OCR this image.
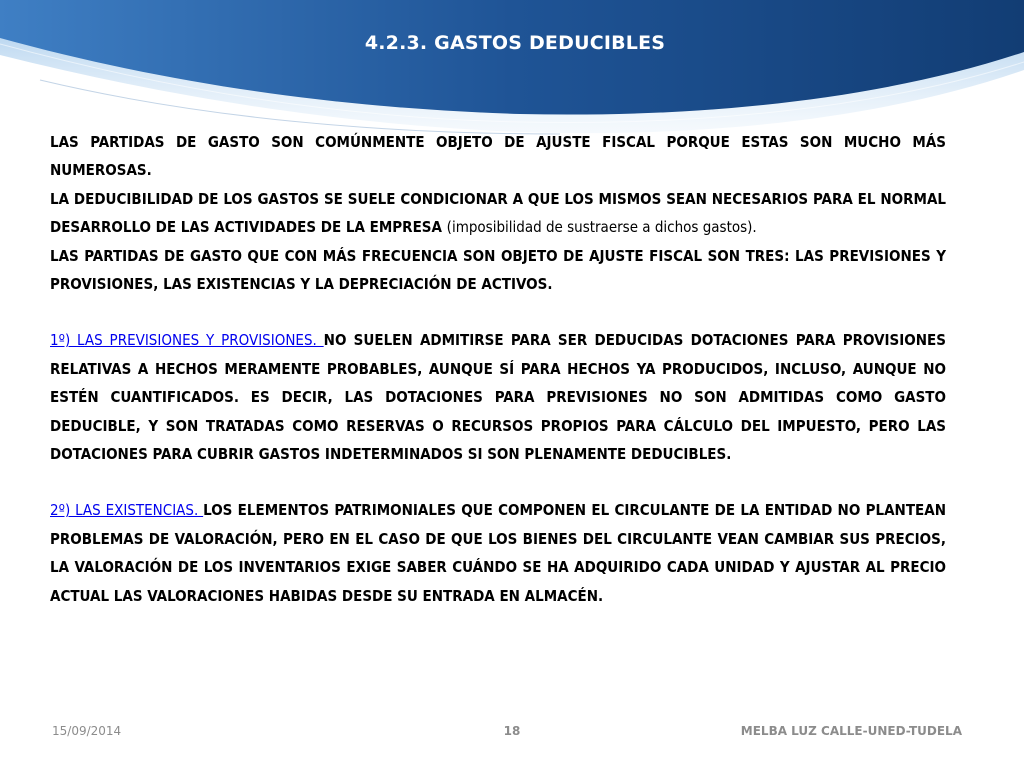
4.2.3. GASTOS DEDUCIBLES

LAS PARTIDAS DE GASTO SON COMÚNMENTE OBJETO DE AJUSTE FISCAL PORQUE ESTAS SON MUCHO MÁS NUMEROSAS.

LA DEDUCIBILIDAD DE LOS GASTOS SE SUELE CONDICIONAR A QUE LOS MISMOS SEAN NECESARIOS PARA EL NORMAL DESARROLLO DE LAS ACTIVIDADES DE LA EMPRESA (imposibilidad de sustraerse a dichos gastos).

LAS PARTIDAS DE GASTO QUE CON MÁS FRECUENCIA SON OBJETO DE AJUSTE FISCAL SON TRES: LAS PREVISIONES Y PROVISIONES, LAS EXISTENCIAS Y LA DEPRECIACIÓN DE ACTIVOS.

1º) LAS PREVISIONES Y PROVISIONES. NO SUELEN ADMITIRSE PARA SER DEDUCIDAS DOTACIONES PARA PROVISIONES RELATIVAS A HECHOS MERAMENTE PROBABLES, AUNQUE SÍ PARA HECHOS YA PRODUCIDOS, INCLUSO, AUNQUE NO ESTÉN CUANTIFICADOS. ES DECIR, LAS DOTACIONES PARA PREVISIONES NO SON ADMITIDAS COMO GASTO DEDUCIBLE, Y SON TRATADAS COMO RESERVAS O RECURSOS PROPIOS PARA CÁLCULO DEL IMPUESTO, PERO LAS DOTACIONES PARA CUBRIR GASTOS INDETERMINADOS SI SON PLENAMENTE DEDUCIBLES.

2º) LAS EXISTENCIAS. LOS ELEMENTOS PATRIMONIALES QUE COMPONEN EL CIRCULANTE DE LA ENTIDAD NO PLANTEAN PROBLEMAS DE VALORACIÓN, PERO EN EL CASO DE QUE LOS BIENES DEL CIRCULANTE VEAN CAMBIAR SUS PRECIOS, LA VALORACIÓN DE LOS INVENTARIOS EXIGE SABER CUÁNDO SE HA ADQUIRIDO CADA UNIDAD Y AJUSTAR AL PRECIO ACTUAL LAS VALORACIONES HABIDAS DESDE SU ENTRADA EN ALMACÉN.

15/09/2014	18	MELBA LUZ CALLE-UNED-TUDELA
